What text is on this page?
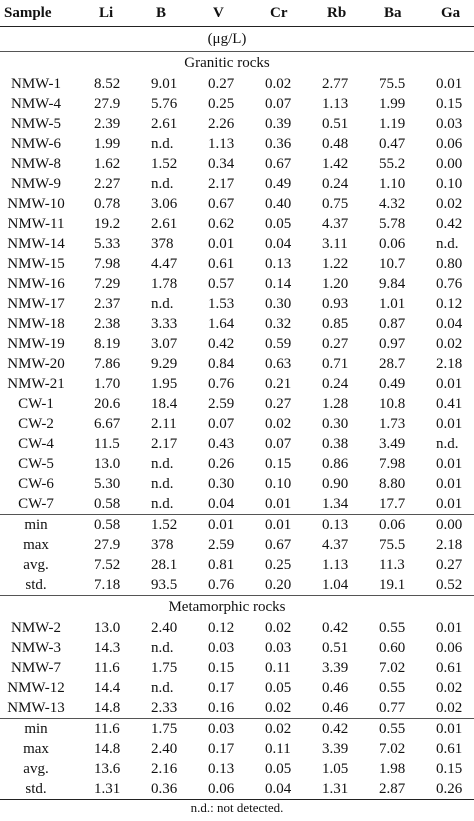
Sample	Li	B	V	Cr	Rb	Ba	Ga
(μg/L)							
Granitic rocks							
NMW-1	8.52	9.01	0.27	0.02	2.77	75.5	0.01
NMW-4	27.9	5.76	0.25	0.07	1.13	1.99	0.15
NMW-5	2.39	2.61	2.26	0.39	0.51	1.19	0.03
NMW-6	1.99	n.d.	1.13	0.36	0.48	0.47	0.06
NMW-8	1.62	1.52	0.34	0.67	1.42	55.2	0.00
NMW-9	2.27	n.d.	2.17	0.49	0.24	1.10	0.10
NMW-10	0.78	3.06	0.67	0.40	0.75	4.32	0.02
NMW-11	19.2	2.61	0.62	0.05	4.37	5.78	0.42
NMW-14	5.33	378	0.01	0.04	3.11	0.06	n.d.
NMW-15	7.98	4.47	0.61	0.13	1.22	10.7	0.80
NMW-16	7.29	1.78	0.57	0.14	1.20	9.84	0.76
NMW-17	2.37	n.d.	1.53	0.30	0.93	1.01	0.12
NMW-18	2.38	3.33	1.64	0.32	0.85	0.87	0.04
NMW-19	8.19	3.07	0.42	0.59	0.27	0.97	0.02
NMW-20	7.86	9.29	0.84	0.63	0.71	28.7	2.18
NMW-21	1.70	1.95	0.76	0.21	0.24	0.49	0.01
CW-1	20.6	18.4	2.59	0.27	1.28	10.8	0.41
CW-2	6.67	2.11	0.07	0.02	0.30	1.73	0.01
CW-4	11.5	2.17	0.43	0.07	0.38	3.49	n.d.
CW-5	13.0	n.d.	0.26	0.15	0.86	7.98	0.01
CW-6	5.30	n.d.	0.30	0.10	0.90	8.80	0.01
CW-7	0.58	n.d.	0.04	0.01	1.34	17.7	0.01
min	0.58	1.52	0.01	0.01	0.13	0.06	0.00
max	27.9	378	2.59	0.67	4.37	75.5	2.18
avg.	7.52	28.1	0.81	0.25	1.13	11.3	0.27
std.	7.18	93.5	0.76	0.20	1.04	19.1	0.52
Metamorphic rocks							
NMW-2	13.0	2.40	0.12	0.02	0.42	0.55	0.01
NMW-3	14.3	n.d.	0.03	0.03	0.51	0.60	0.06
NMW-7	11.6	1.75	0.15	0.11	3.39	7.02	0.61
NMW-12	14.4	n.d.	0.17	0.05	0.46	0.55	0.02
NMW-13	14.8	2.33	0.16	0.02	0.46	0.77	0.02
min	11.6	1.75	0.03	0.02	0.42	0.55	0.01
max	14.8	2.40	0.17	0.11	3.39	7.02	0.61
avg.	13.6	2.16	0.13	0.05	1.05	1.98	0.15
std.	1.31	0.36	0.06	0.04	1.31	2.87	0.26
n.d.: not detected.
